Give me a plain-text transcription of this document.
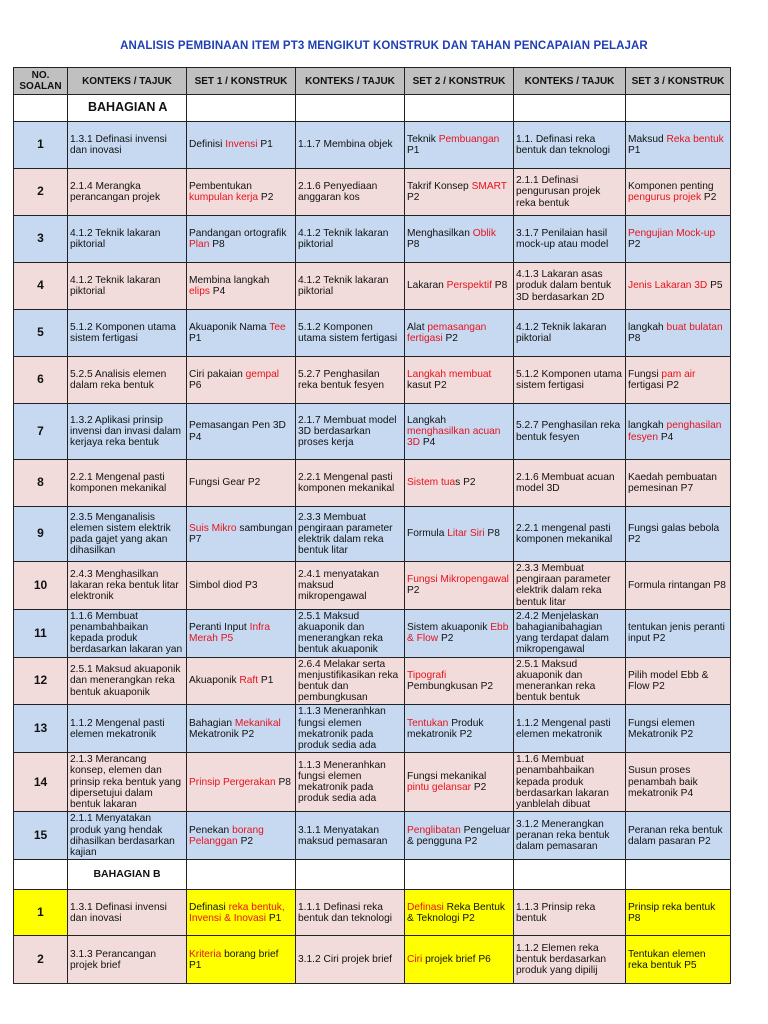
ANALISIS PEMBINAAN ITEM PT3 MENGIKUT KONSTRUK DAN TAHAN PENCAPAIAN PELAJAR
NO. SOALAN	KONTEKS / TAJUK	SET 1 / KONSTRUK	KONTEKS / TAJUK	SET 2 / KONSTRUK	KONTEKS / TAJUK	SET 3 / KONSTRUK
	BAHAGIAN A					
1	1.3.1 Definasi invensi dan inovasi	Definisi Invensi P1	1.1.7 Membina objek	Teknik Pembuangan P1	1.1. Definasi reka bentuk dan teknologi	Maksud Reka bentuk P1
2	2.1.4 Merangka perancangan projek	Pembentukan kumpulan kerja P2	2.1.6 Penyediaan anggaran kos	Takrif Konsep SMART P2	2.1.1 Definasi pengurusan projek reka bentuk	Komponen penting pengurus projek P2
3	4.1.2 Teknik lakaran piktorial	Pandangan ortografik Plan P8	4.1.2 Teknik lakaran piktorial	Menghasilkan Oblik P8	3.1.7 Penilaian hasil mock-up atau model	Pengujian Mock-up P2
4	4.1.2 Teknik lakaran piktorial	Membina langkah elips P4	4.1.2 Teknik lakaran piktorial	Lakaran Perspektif P8	4.1.3 Lakaran asas produk dalam bentuk 3D berdasarkan 2D	Jenis Lakaran 3D P5
5	5.1.2 Komponen utama sistem fertigasi	Akuaponik Nama Tee P1	5.1.2 Komponen utama sistem fertigasi	Alat pemasangan fertigasi P2	4.1.2 Teknik lakaran piktorial	langkah buat bulatan P8
6	5.2.5 Analisis elemen dalam reka bentuk	Ciri pakaian gempal P6	5.2.7 Penghasilan reka bentuk fesyen	Langkah membuat kasut P2	5.1.2 Komponen utama sistem fertigasi	Fungsi pam air fertigasi P2
7	1.3.2 Aplikasi prinsip invensi dan invasi dalam kerjaya reka bentuk	Pemasangan Pen 3D P4	2.1.7 Membuat model 3D berdasarkan proses kerja	Langkah menghasilkan acuan 3D P4	5.2.7 Penghasilan reka bentuk fesyen	langkah penghasilan fesyen P4
8	2.2.1 Mengenal pasti komponen mekanikal	Fungsi Gear P2	2.2.1 Mengenal pasti komponen mekanikal	Sistem tuas P2	2.1.6 Membuat acuan model 3D	Kaedah pembuatan pemesinan P7
9	2.3.5 Menganalisis elemen sistem elektrik pada gajet yang akan dihasilkan	Suis Mikro sambungan P7	2.3.3 Membuat pengiraan parameter elektrik dalam reka bentuk litar	Formula Litar Siri P8	2.2.1 mengenal pasti komponen mekanikal	Fungsi galas bebola P2
10	2.4.3 Menghasilkan lakaran reka bentuk litar elektronik	Simbol diod P3	2.4.1 menyatakan maksud mikropengawal	Fungsi Mikropengawal P2	2.3.3 Membuat pengiraan parameter elektrik dalam reka bentuk litar	Formula rintangan P8
11	1.1.6 Membuat penambahbaikan kepada produk berdasarkan lakaran yan	Peranti Input Infra Merah P5	2.5.1 Maksud akuaponik dan menerangkan reka bentuk akuaponik	Sistem akuaponik Ebb & Flow P2	2.4.2 Menjelaskan bahagianibahagian yang terdapat dalam mikropengawal	tentukan jenis peranti input P2
12	2.5.1 Maksud akuaponik dan menerangkan reka bentuk akuaponik	Akuaponik Raft P1	2.6.4 Melakar serta menjustifikasikan reka bentuk dan pembungkusan	Tipografi Pembungkusan P2	2.5.1 Maksud akuaponik dan menerankan reka bentuk bentuk	Pilih model Ebb & Flow P2
13	1.1.2 Mengenal pasti elemen mekatronik	Bahagian Mekanikal Mekatronik P2	1.1.3 Meneranhkan fungsi elemen mekatronik pada produk sedia ada	Tentukan Produk mekatronik P2	1.1.2 Mengenal pasti elemen mekatronik	Fungsi elemen Mekatronik P2
14	2.1.3 Merancang konsep, elemen dan prinsip reka bentuk yang dipersetujui dalam bentuk lakaran	Prinsip Pergerakan P8	1.1.3 Meneranhkan fungsi elemen mekatronik pada produk sedia ada	Fungsi mekanikal pintu gelansar P2	1.1.6 Membuat penambahbaikan kepada produk berdasarkan lakaran yanblelah dibuat	Susun proses penambah baik mekatronik P4
15	2.1.1 Menyatakan produk yang hendak dihasilkan berdasarkan kajian	Penekan borang Pelanggan P2	3.1.1 Menyatakan maksud pemasaran	Penglibatan Pengeluar & pengguna P2	3.1.2 Menerangkan peranan reka bentuk dalam pemasaran	Peranan reka bentuk dalam pasaran P2
	BAHAGIAN B					
1	1.3.1 Definasi invensi dan inovasi	Definasi reka bentuk, Invensi & Inovasi P1	1.1.1 Definasi reka bentuk dan teknologi	Definasi Reka Bentuk & Teknologi P2	1.1.3 Prinsip reka bentuk	Prinsip reka bentuk P8
2	3.1.3 Perancangan projek brief	Kriteria borang brief P1	3.1.2 Ciri projek brief	Ciri projek brief P6	1.1.2 Elemen reka bentuk berdasarkan produk yang dipilij	Tentukan elemen reka bentuk P5
